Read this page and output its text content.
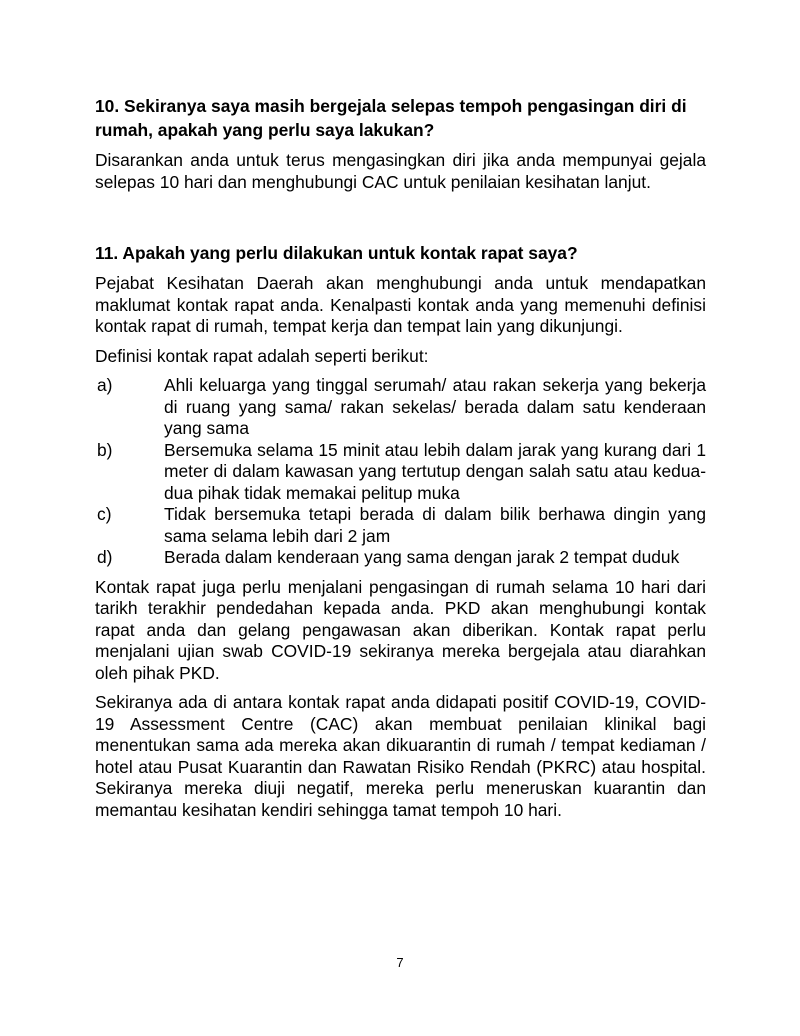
10. Sekiranya saya masih bergejala selepas tempoh pengasingan diri di rumah, apakah yang perlu saya lakukan?

Disarankan anda untuk terus mengasingkan diri jika anda mempunyai gejala selepas 10 hari dan menghubungi CAC untuk penilaian kesihatan lanjut.

11. Apakah yang perlu dilakukan untuk kontak rapat saya?

Pejabat Kesihatan Daerah akan menghubungi anda untuk mendapatkan maklumat kontak rapat anda. Kenalpasti kontak anda yang memenuhi definisi kontak rapat di rumah, tempat kerja dan tempat lain yang dikunjungi.

Definisi kontak rapat adalah seperti berikut:

a)	Ahli keluarga yang tinggal serumah/ atau rakan sekerja yang bekerja di ruang yang sama/ rakan sekelas/ berada dalam satu kenderaan yang sama
b)	Bersemuka selama 15 minit atau lebih dalam jarak yang kurang dari 1 meter di dalam kawasan yang tertutup dengan salah satu atau kedua-dua pihak tidak memakai pelitup muka
c)	Tidak bersemuka tetapi berada di dalam bilik berhawa dingin yang sama selama lebih dari 2 jam
d)	Berada dalam kenderaan yang sama dengan jarak 2 tempat duduk

Kontak rapat juga perlu menjalani pengasingan di rumah selama 10 hari dari tarikh terakhir pendedahan kepada anda. PKD akan menghubungi kontak rapat anda dan gelang pengawasan akan diberikan. Kontak rapat perlu menjalani ujian swab COVID-19 sekiranya mereka bergejala atau diarahkan oleh pihak PKD.

Sekiranya ada di antara kontak rapat anda didapati positif COVID-19, COVID-19 Assessment Centre (CAC) akan membuat penilaian klinikal bagi menentukan sama ada mereka akan dikuarantin di rumah / tempat kediaman / hotel atau Pusat Kuarantin dan Rawatan Risiko Rendah (PKRC) atau hospital. Sekiranya mereka diuji negatif, mereka perlu meneruskan kuarantin dan memantau kesihatan kendiri sehingga tamat tempoh 10 hari.

7
